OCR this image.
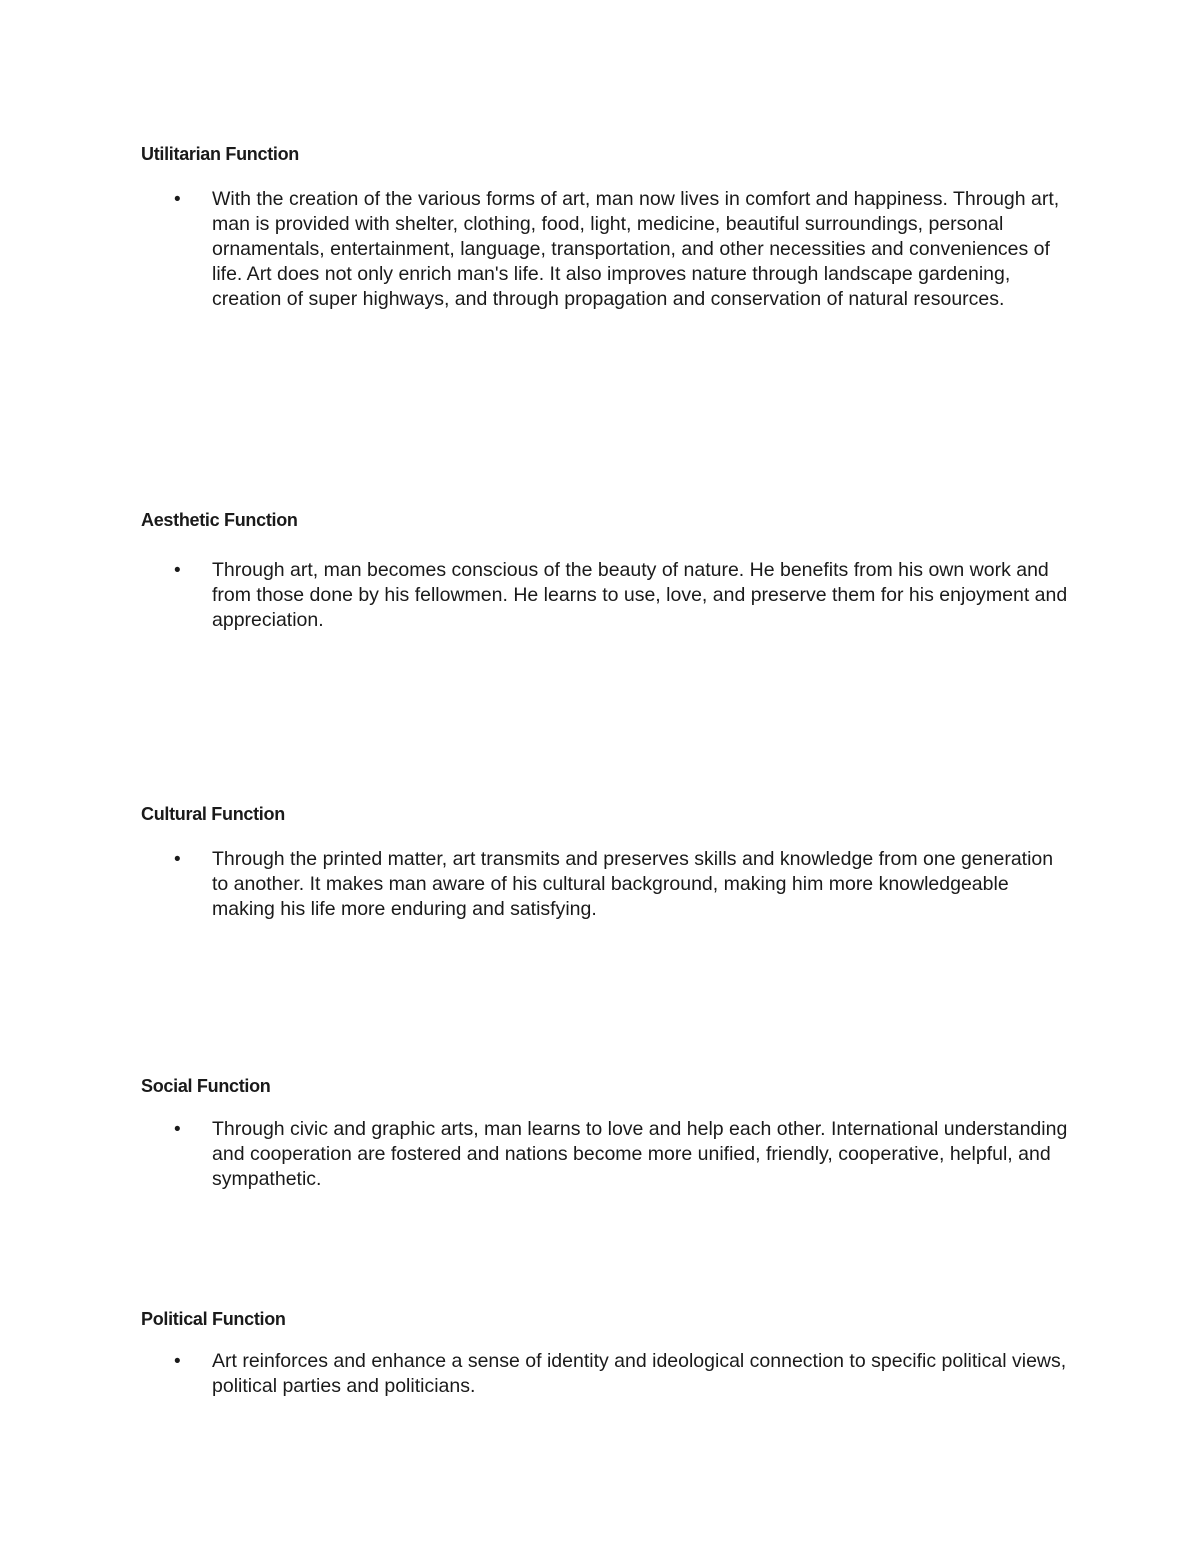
Utilitarian Function
• With the creation of the various forms of art, man now lives in comfort and happiness. Through art, man is provided with shelter, clothing, food, light, medicine, beautiful surroundings, personal ornamentals, entertainment, language, transportation, and other necessities and conveniences of life. Art does not only enrich man's life. It also improves nature through landscape gardening, creation of super highways, and through propagation and conservation of natural resources.
Aesthetic Function
• Through art, man becomes conscious of the beauty of nature. He benefits from his own work and from those done by his fellowmen. He learns to use, love, and preserve them for his enjoyment and appreciation.
Cultural Function
• Through the printed matter, art transmits and preserves skills and knowledge from one generation to another. It makes man aware of his cultural background, making him more knowledgeable making his life more enduring and satisfying.
Social Function
• Through civic and graphic arts, man learns to love and help each other. International understanding and cooperation are fostered and nations become more unified, friendly, cooperative, helpful, and sympathetic.
Political Function
• Art reinforces and enhance a sense of identity and ideological connection to specific political views, political parties and politicians.
